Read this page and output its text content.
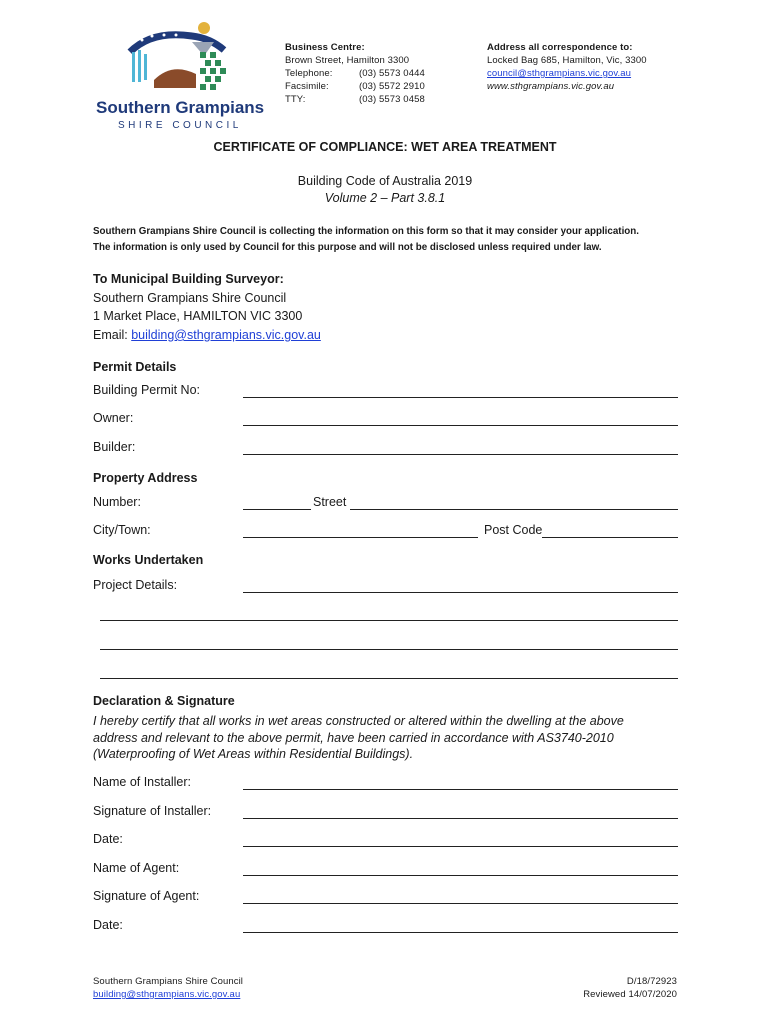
Southern Grampians
SHIRE COUNCIL
Business Centre:
Brown Street, Hamilton 3300
Telephone:	(03) 5573 0444
Facsimile:	(03) 5572 2910
TTY:	(03) 5573 0458
Address all correspondence to:
Locked Bag 685, Hamilton, Vic, 3300
council@sthgrampians.vic.gov.au
www.sthgrampians.vic.gov.au
CERTIFICATE OF COMPLIANCE: WET AREA TREATMENT
Building Code of Australia 2019
Volume 2 – Part 3.8.1
Southern Grampians Shire Council is collecting the information on this form so that it may consider your application.
The information is only used by Council for this purpose and will not be disclosed unless required under law.
To Municipal Building Surveyor:
Southern Grampians Shire Council
1 Market Place, HAMILTON VIC 3300
Email: building@sthgrampians.vic.gov.au
Permit Details
Building Permit No:
Owner:
Builder:
Property Address
Number:	Street
City/Town:	Post Code
Works Undertaken
Project Details:
Declaration & Signature
I hereby certify that all works in wet areas constructed or altered within the dwelling at the above
address and relevant to the above permit, have been carried in accordance with AS3740-2010
(Waterproofing of Wet Areas within Residential Buildings).
Name of Installer:
Signature of Installer:
Date:
Name of Agent:
Signature of Agent:
Date:
Southern Grampians Shire Council
building@sthgrampians.vic.gov.au
D/18/72923
Reviewed 14/07/2020
